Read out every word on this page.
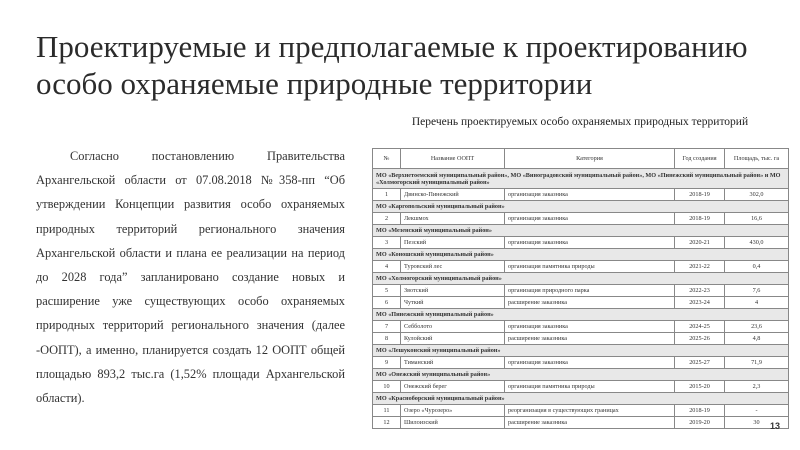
Проектируемые и предполагаемые к проектированию особо охраняемые природные территории
Согласно постановлению Правительства Архангельской области от 07.08.2018 №358-пп “Об утверждении Концепции развития особо охраняемых природных территорий регионального значения Архангельской области и плана ее реализации на период до 2028 года” запланировано создание новых и расширение уже существующих особо охраняемых природных территорий регионального значения (далее -ООПТ), а именно, планируется создать 12 ООПТ общей площадью 893,2 тыс.га (1,52% площади Архангельской области).
Перечень проектируемых особо охраняемых природных территорий
№	Название ООПТ	Категория	Год создания	Площадь, тыс. га
МО «Верхнетоемский муниципальный район», МО «Виноградовский муниципальный район», МО «Пинежский муниципальный район» и МО «Холмогорский муниципальный район»				
1	Двинско-Пинежский	организация заказника	2018-19	302,0
МО «Каргопольский муниципальный район»				
2	Лекшмох	организация заказника	2018-19	16,6
МО «Мезенский муниципальный район»				
3	Пезский	организация заказника	2020-21	430,0
МО «Коношский муниципальный район»				
4	Туровский лес	организация памятника природы	2021-22	0,4
МО «Холмогорский муниципальный район»				
5	Звотский	организация природного парка	2022-23	7,6
6	Чуткий	расширение заказника	2023-24	4
МО «Пинежский муниципальный район»				
7	Себболото	организация заказника	2024-25	23,6
8	Кулойский	расширение заказника	2025-26	4,8
МО «Лешуконский муниципальный район»				
9	Тиманский	организация заказника	2025-27	71,9
МО «Онежский муниципальный район»				
10	Онежский берег	организация памятника природы	2015-20	2,3
МО «Красноборский муниципальный район»				
11	Озеро «Чурозеро»	реорганизация в существующих границах	2018-19	-
12	Шилоизский	расширение заказника	2019-20	30 13
